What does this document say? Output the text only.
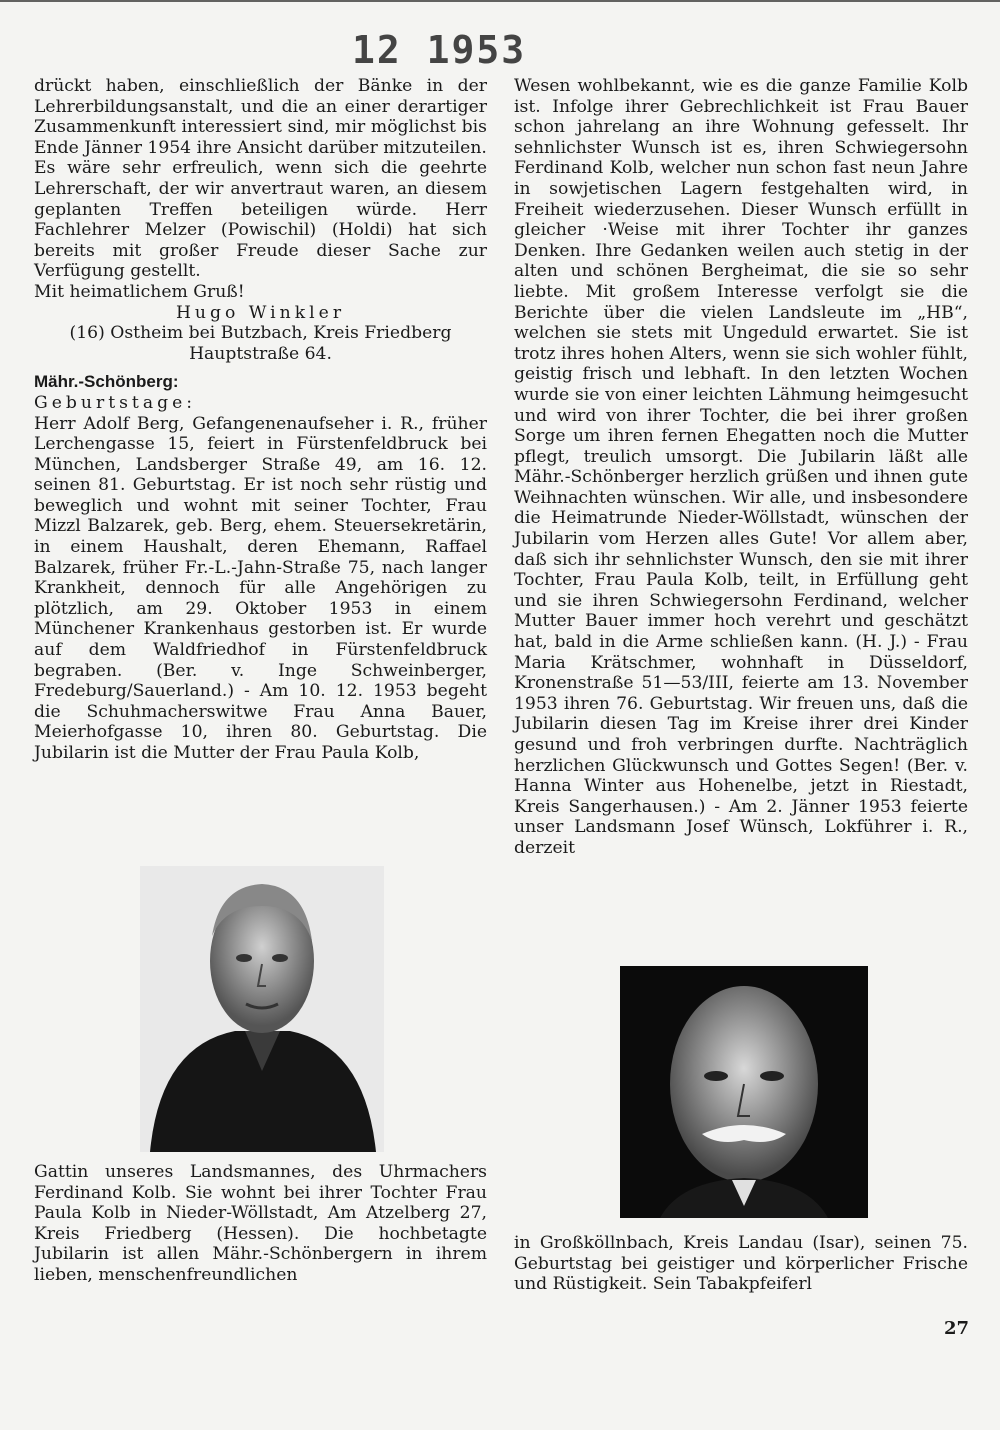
12 1953

drückt haben, einschließlich der Bänke in der Lehrerbildungsanstalt, und die an einer derartiger Zusammenkunft interessiert sind, mir möglichst bis Ende Jänner 1954 ihre Ansicht darüber mitzuteilen.

Es wäre sehr erfreulich, wenn sich die geehrte Lehrerschaft, der wir anvertraut waren, an diesem geplanten Treffen beteiligen würde. Herr Fachlehrer Melzer (Powischil) (Holdi) hat sich bereits mit großer Freude dieser Sache zur Verfügung gestellt.

Mit heimatlichem Gruß!

Hugo Winkler

(16) Ostheim bei Butzbach, Kreis Friedberg

Hauptstraße 64.

Mähr.-Schönberg:

Geburtstage:

Herr Adolf Berg, Gefangenenaufseher i. R., früher Lerchengasse 15, feiert in Fürstenfeldbruck bei München, Landsberger Straße 49, am 16. 12. seinen 81. Geburtstag. Er ist noch sehr rüstig und beweglich und wohnt mit seiner Tochter, Frau Mizzl Balzarek, geb. Berg, ehem. Steuersekretärin, in einem Haushalt, deren Ehemann, Raffael Balzarek, früher Fr.-L.-Jahn-Straße 75, nach langer Krankheit, dennoch für alle Angehörigen zu plötzlich, am 29. Oktober 1953 in einem Münchener Krankenhaus gestorben ist. Er wurde auf dem Waldfriedhof in Fürstenfeldbruck begraben. (Ber. v. Inge Schweinberger, Fredeburg/Sauerland.) - Am 10. 12. 1953 begeht die Schuhmacherswitwe Frau Anna Bauer, Meierhofgasse 10, ihren 80. Geburtstag. Die Jubilarin ist die Mutter der Frau Paula Kolb,

Gattin unseres Landsmannes, des Uhrmachers Ferdinand Kolb. Sie wohnt bei ihrer Tochter Frau Paula Kolb in Nieder-Wöllstadt, Am Atzelberg 27, Kreis Friedberg (Hessen). Die hochbetagte Jubilarin ist allen Mähr.-Schönbergern in ihrem lieben, menschenfreundlichen

Wesen wohlbekannt, wie es die ganze Familie Kolb ist. Infolge ihrer Gebrechlichkeit ist Frau Bauer schon jahrelang an ihre Wohnung gefesselt. Ihr sehnlichster Wunsch ist es, ihren Schwiegersohn Ferdinand Kolb, welcher nun schon fast neun Jahre in sowjetischen Lagern festgehalten wird, in Freiheit wiederzusehen. Dieser Wunsch erfüllt in gleicher ·Weise mit ihrer Tochter ihr ganzes Denken. Ihre Gedanken weilen auch stetig in der alten und schönen Bergheimat, die sie so sehr liebte. Mit großem Interesse verfolgt sie die Berichte über die vielen Landsleute im „HB“, welchen sie stets mit Ungeduld erwartet. Sie ist trotz ihres hohen Alters, wenn sie sich wohler fühlt, geistig frisch und lebhaft. In den letzten Wochen wurde sie von einer leichten Lähmung heimgesucht und wird von ihrer Tochter, die bei ihrer großen Sorge um ihren fernen Ehegatten noch die Mutter pflegt, treulich umsorgt. Die Jubilarin läßt alle Mähr.-Schönberger herzlich grüßen und ihnen gute Weihnachten wünschen. Wir alle, und insbesondere die Heimatrunde Nieder-Wöllstadt, wünschen der Jubilarin vom Herzen alles Gute! Vor allem aber, daß sich ihr sehnlichster Wunsch, den sie mit ihrer Tochter, Frau Paula Kolb, teilt, in Erfüllung geht und sie ihren Schwiegersohn Ferdinand, welcher Mutter Bauer immer hoch verehrt und geschätzt hat, bald in die Arme schließen kann. (H. J.) - Frau Maria Krätschmer, wohnhaft in Düsseldorf, Kronenstraße 51—53/III, feierte am 13. November 1953 ihren 76. Geburtstag. Wir freuen uns, daß die Jubilarin diesen Tag im Kreise ihrer drei Kinder gesund und froh verbringen durfte. Nachträglich herzlichen Glückwunsch und Gottes Segen! (Ber. v. Hanna Winter aus Hohenelbe, jetzt in Riestadt, Kreis Sangerhausen.) - Am 2. Jänner 1953 feierte unser Landsmann Josef Wünsch, Lokführer i. R., derzeit

in Großköllnbach, Kreis Landau (Isar), seinen 75. Geburtstag bei geistiger und körperlicher Frische und Rüstigkeit. Sein Tabakpfeiferl

27
